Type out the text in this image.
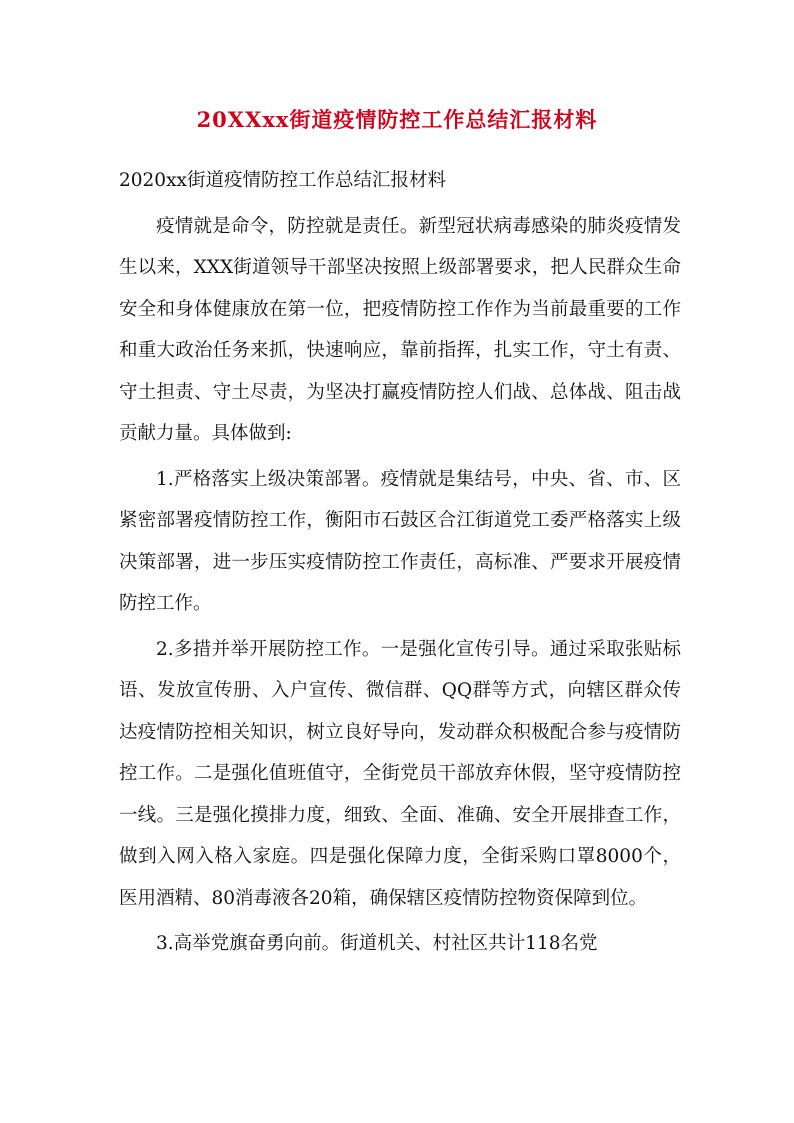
20XXxx街道疫情防控工作总结汇报材料

2020xx街道疫情防控工作总结汇报材料

疫情就是命令，防控就是责任。新型冠状病毒感染的肺炎疫情发生以来，XXX街道领导干部坚决按照上级部署要求，把人民群众生命安全和身体健康放在第一位，把疫情防控工作作为当前最重要的工作和重大政治任务来抓，快速响应，靠前指挥，扎实工作，守土有责、守土担责、守土尽责，为坚决打赢疫情防控人们战、总体战、阻击战贡献力量。具体做到:

1.严格落实上级决策部署。疫情就是集结号，中央、省、市、区紧密部署疫情防控工作，衡阳市石鼓区合江街道党工委严格落实上级决策部署，进一步压实疫情防控工作责任，高标准、严要求开展疫情防控工作。

2.多措并举开展防控工作。一是强化宣传引导。通过采取张贴标语、发放宣传册、入户宣传、微信群、QQ群等方式，向辖区群众传达疫情防控相关知识，树立良好导向，发动群众积极配合参与疫情防控工作。二是强化值班值守，全街党员干部放弃休假，坚守疫情防控一线。三是强化摸排力度，细致、全面、准确、安全开展排查工作，做到入网入格入家庭。四是强化保障力度，全街采购口罩8000个，医用酒精、80消毒液各20箱，确保辖区疫情防控物资保障到位。

3.高举党旗奋勇向前。街道机关、村社区共计118名党
